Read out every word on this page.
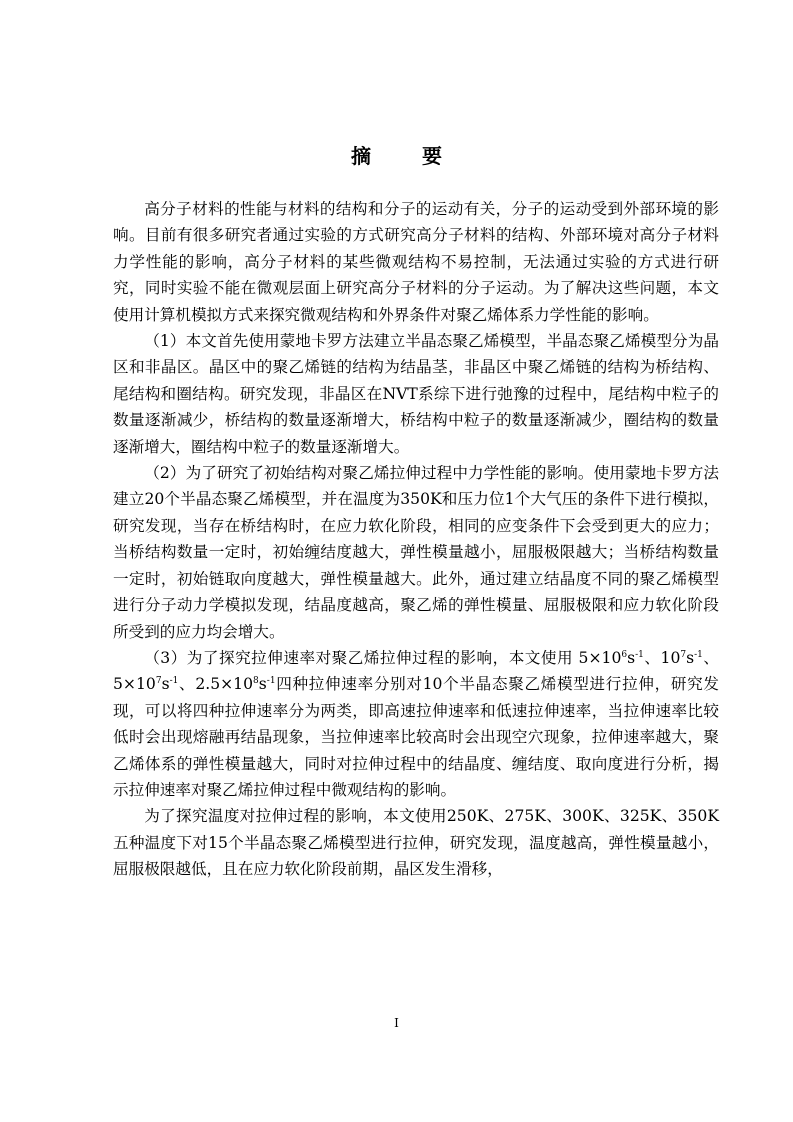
摘 要

高分子材料的性能与材料的结构和分子的运动有关，分子的运动受到外部环境的影响。目前有很多研究者通过实验的方式研究高分子材料的结构、外部环境对高分子材料力学性能的影响，高分子材料的某些微观结构不易控制，无法通过实验的方式进行研究，同时实验不能在微观层面上研究高分子材料的分子运动。为了解决这些问题，本文使用计算机模拟方式来探究微观结构和外界条件对聚乙烯体系力学性能的影响。

（1）本文首先使用蒙地卡罗方法建立半晶态聚乙烯模型，半晶态聚乙烯模型分为晶区和非晶区。晶区中的聚乙烯链的结构为结晶茎，非晶区中聚乙烯链的结构为桥结构、尾结构和圈结构。研究发现，非晶区在NVT系综下进行弛豫的过程中，尾结构中粒子的数量逐渐减少，桥结构的数量逐渐增大，桥结构中粒子的数量逐渐减少，圈结构的数量逐渐增大，圈结构中粒子的数量逐渐增大。

（2）为了研究了初始结构对聚乙烯拉伸过程中力学性能的影响。使用蒙地卡罗方法建立20个半晶态聚乙烯模型，并在温度为350K和压力位1个大气压的条件下进行模拟，研究发现，当存在桥结构时，在应力软化阶段，相同的应变条件下会受到更大的应力；当桥结构数量一定时，初始缠结度越大，弹性模量越小，屈服极限越大；当桥结构数量一定时，初始链取向度越大，弹性模量越大。此外，通过建立结晶度不同的聚乙烯模型进行分子动力学模拟发现，结晶度越高，聚乙烯的弹性模量、屈服极限和应力软化阶段所受到的应力均会增大。

（3）为了探究拉伸速率对聚乙烯拉伸过程的影响，本文使用 $5\times 10^6s^{-1}$、$10^7s^{-1}$、$5\times 10^7s^{-1}$、$2.5\times 10^8s^{-1}$四种拉伸速率分别对10个半晶态聚乙烯模型进行拉伸，研究发现，可以将四种拉伸速率分为两类，即高速拉伸速率和低速拉伸速率，当拉伸速率比较低时会出现熔融再结晶现象，当拉伸速率比较高时会出现空穴现象，拉伸速率越大，聚乙烯体系的弹性模量越大，同时对拉伸过程中的结晶度、缠结度、取向度进行分析，揭示拉伸速率对聚乙烯拉伸过程中微观结构的影响。

为了探究温度对拉伸过程的影响，本文使用250K、275K、300K、325K、350K五种温度下对15个半晶态聚乙烯模型进行拉伸，研究发现，温度越高，弹性模量越小，屈服极限越低，且在应力软化阶段前期，晶区发生滑移，

I
